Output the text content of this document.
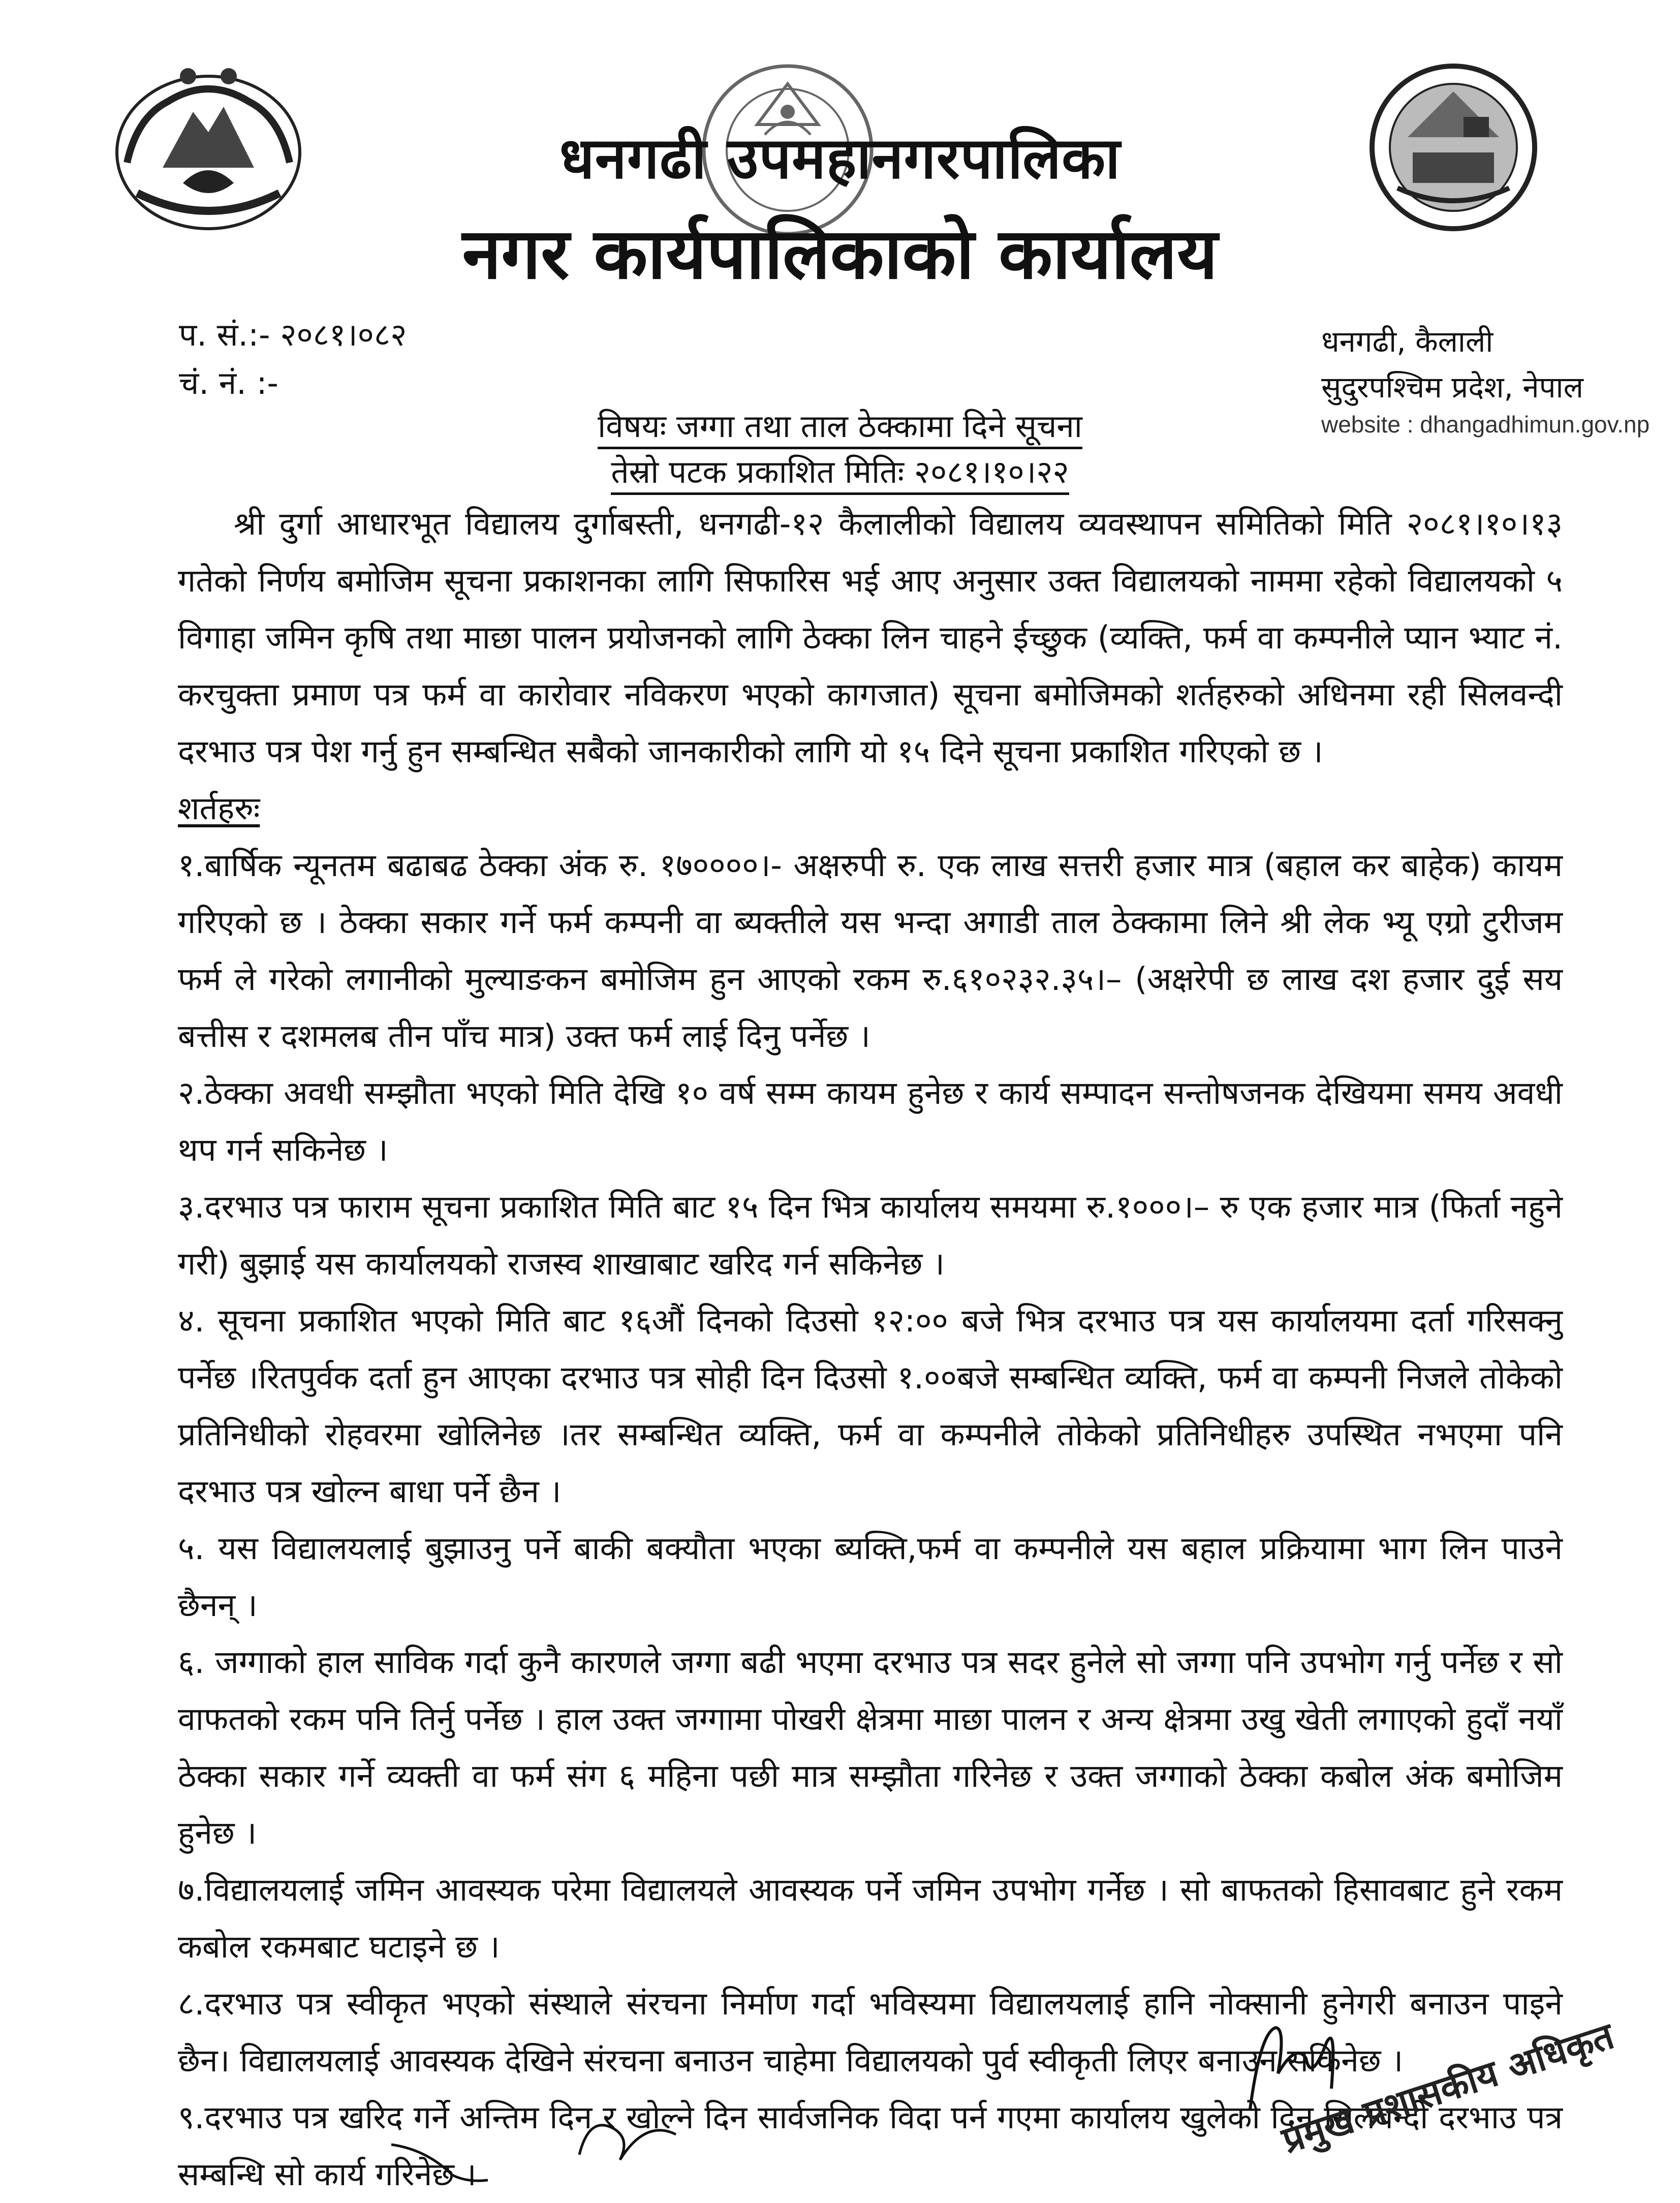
धनगढी उपमहानगरपालिका
नगर कार्यपालिकाको कार्यालय
प. सं.:- २०८१।०८२
चं. नं. :-
धनगढी, कैलाली
सुदुरपश्चिम प्रदेश, नेपाल
website : dhangadhimun.gov.np
विषयः जग्गा तथा ताल ठेक्कामा दिने सूचना
तेस्रो पटक प्रकाशित मितिः २०८१।१०।२२

श्री दुर्गा आधारभूत विद्यालय दुर्गाबस्ती, धनगढी-१२ कैलालीको विद्यालय व्यवस्थापन समितिको मिति २०८१।१०।१३ गतेको निर्णय बमोजिम सूचना प्रकाशनका लागि सिफारिस भई आए अनुसार उक्त विद्यालयको नाममा रहेको विद्यालयको ५ विगाहा जमिन कृषि तथा माछा पालन प्रयोजनको लागि ठेक्का लिन चाहने ईच्छुक (व्यक्ति, फर्म वा कम्पनीले प्यान भ्याट नं. करचुक्ता प्रमाण पत्र फर्म वा कारोवार नविकरण भएको कागजात) सूचना बमोजिमको शर्तहरुको अधिनमा रही सिलवन्दी दरभाउ पत्र पेश गर्नु हुन सम्बन्धित सबैको जानकारीको लागि यो १५ दिने सूचना प्रकाशित गरिएको छ ।

शर्तहरुः

१.बार्षिक न्यूनतम बढाबढ ठेक्का अंक रु. १७००००।- अक्षरुपी रु. एक लाख सत्तरी हजार मात्र (बहाल कर बाहेक) कायम गरिएको छ । ठेक्का सकार गर्ने फर्म कम्पनी वा ब्यक्तीले यस भन्दा अगाडी ताल ठेक्कामा लिने श्री लेक भ्यू एग्रो टुरीजम फर्म ले गरेको लगानीको मुल्याङकन बमोजिम हुन आएको रकम रु.६१०२३२.३५।– (अक्षरेपी छ लाख दश हजार दुई सय बत्तीस र दशमलब तीन पाँच मात्र) उक्त फर्म लाई दिनु पर्नेछ ।

२.ठेक्का अवधी सम्झौता भएको मिति देखि १० वर्ष सम्म कायम हुनेछ र कार्य सम्पादन सन्तोषजनक देखियमा समय अवधी थप गर्न सकिनेछ ।

३.दरभाउ पत्र फाराम सूचना प्रकाशित मिति बाट १५ दिन भित्र कार्यालय समयमा रु.१०००।– रु एक हजार मात्र (फिर्ता नहुने गरी) बुझाई यस कार्यालयको राजस्व शाखाबाट खरिद गर्न सकिनेछ ।

४. सूचना प्रकाशित भएको मिति बाट १६औं दिनको दिउसो १२:०० बजे भित्र दरभाउ पत्र यस कार्यालयमा दर्ता गरिसक्नु पर्नेछ ।रितपुर्वक दर्ता हुन आएका दरभाउ पत्र सोही दिन दिउसो १.००बजे सम्बन्धित व्यक्ति, फर्म वा कम्पनी निजले तोकेको प्रतिनिधीको रोहवरमा खोलिनेछ ।तर सम्बन्धित व्यक्ति, फर्म वा कम्पनीले तोकेको प्रतिनिधीहरु उपस्थित नभएमा पनि दरभाउ पत्र खोल्न बाधा पर्ने छैन ।

५. यस विद्यालयलाई बुझाउनु पर्ने बाकी बक्यौता भएका ब्यक्ति,फर्म वा कम्पनीले यस बहाल प्रक्रियामा भाग लिन पाउने छैनन् ।

६. जग्गाको हाल साविक गर्दा कुनै कारणले जग्गा बढी भएमा दरभाउ पत्र सदर हुनेले सो जग्गा पनि उपभोग गर्नु पर्नेछ र सो वाफतको रकम पनि तिर्नु पर्नेछ । हाल उक्त जग्गामा पोखरी क्षेत्रमा माछा पालन र अन्य क्षेत्रमा उखु खेती लगाएको हुदाँ नयाँ ठेक्का सकार गर्ने व्यक्ती वा फर्म संग ६ महिना पछी मात्र सम्झौता गरिनेछ र उक्त जग्गाको ठेक्का कबोल अंक बमोजिम हुनेछ ।

७.विद्यालयलाई जमिन आवस्यक परेमा विद्यालयले आवस्यक पर्ने जमिन उपभोग गर्नेछ । सो बाफतको हिसावबाट हुने रकम कबोल रकमबाट घटाइने छ ।

८.दरभाउ पत्र स्वीकृत भएको संस्थाले संरचना निर्माण गर्दा भविस्यमा विद्यालयलाई हानि नोक्सानी हुनेगरी बनाउन पाइने छैन। विद्यालयलाई आवस्यक देखिने संरचना बनाउन चाहेमा विद्यालयको पुर्व स्वीकृती लिएर बनाउन सकिनेछ ।

९.दरभाउ पत्र खरिद गर्ने अन्तिम दिन र खोल्ने दिन सार्वजनिक विदा पर्न गएमा कार्यालय खुलेको दिन सिलबन्दी दरभाउ पत्र सम्बन्धि सो कार्य गरिनेछ ।

प्रमुख प्रशासकीय अधिकृत
